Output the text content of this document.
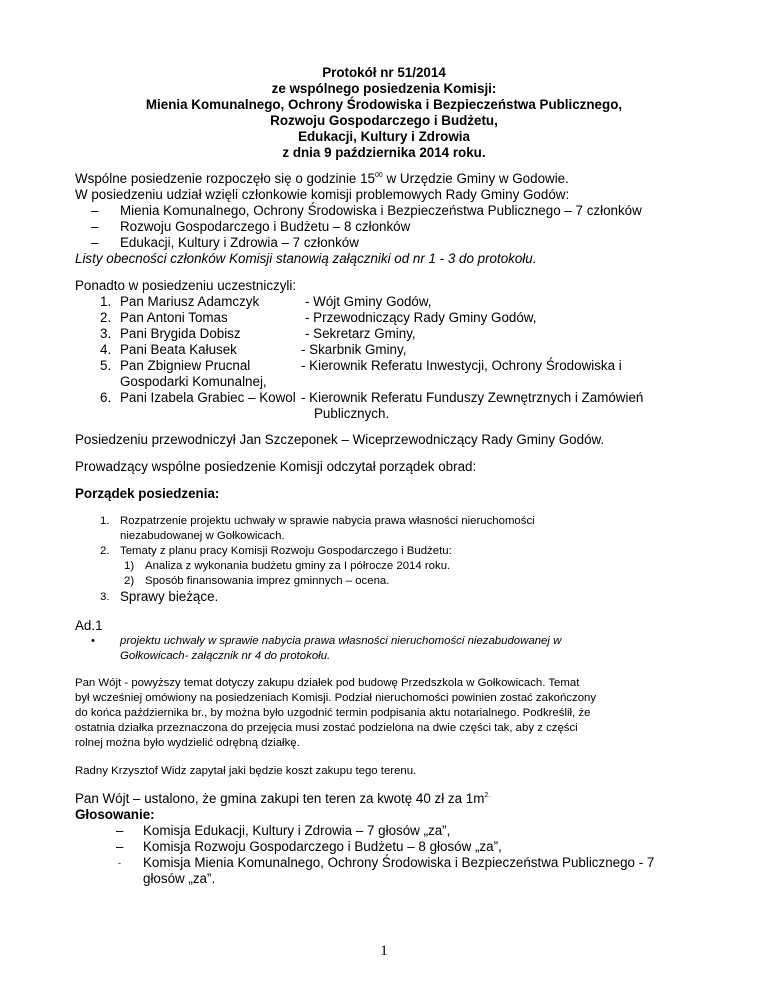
Protokół nr 51/2014
ze wspólnego posiedzenia Komisji:
Mienia Komunalnego, Ochrony Środowiska i Bezpieczeństwa Publicznego,
Rozwoju Gospodarczego i Budżetu,
Edukacji, Kultury i Zdrowia
z dnia 9 października 2014 roku.
Wspólne posiedzenie rozpoczęło się o godzinie $15^{00}$ w Urzędzie Gminy w Godowie.
W posiedzeniu udział wzięli członkowie komisji problemowych Rady Gminy Godów:
– Mienia Komunalnego, Ochrony Środowiska i Bezpieczeństwa Publicznego – 7 członków
– Rozwoju Gospodarczego i Budżetu – 8 członków
– Edukacji, Kultury i Zdrowia – 7 członków
Listy obecności członków Komisji stanowią załączniki od nr 1 - 3 do protokołu.
Ponadto w posiedzeniu uczestniczyli:
1. Pan Mariusz Adamczyk	- Wójt Gminy Godów,
2. Pan Antoni Tomas	- Przewodniczący Rady Gminy Godów,
3. Pani Brygida Dobisz	- Sekretarz Gminy,
4. Pani Beata Kałusek	- Skarbnik Gminy,
5. Pan Zbigniew Prucnal	- Kierownik Referatu Inwestycji, Ochrony Środowiska i
Gospodarki Komunalnej,
6. Pani Izabela Grabiec – Kowol - Kierownik Referatu Funduszy Zewnętrznych i Zamówień
Publicznych.
Posiedzeniu przewodniczył Jan Szczeponek – Wiceprzewodniczący Rady Gminy Godów.
Prowadzący wspólne posiedzenie Komisji odczytał porządek obrad:
Porządek posiedzenia:
1. Rozpatrzenie projektu uchwały w sprawie nabycia prawa własności nieruchomości
niezabudowanej w Gołkowicach.
2. Tematy z planu pracy Komisji Rozwoju Gospodarczego i Budżetu:
1) Analiza z wykonania budżetu gminy za I półrocze 2014 roku.
2) Sposób finansowania imprez gminnych – ocena.
3. Sprawy bieżące.
Ad.1
• projektu uchwały w sprawie nabycia prawa własności nieruchomości niezabudowanej w
Gołkowicach- załącznik nr 4 do protokołu.
Pan Wójt - powyższy temat dotyczy zakupu działek pod budowę Przedszkola w Gołkowicach. Temat
był wcześniej omówiony na posiedzeniach Komisji. Podział nieruchomości powinien zostać zakończony
do końca października br., by można było uzgodnić termin podpisania aktu notarialnego. Podkreślił, że
ostatnia działka przeznaczona do przejęcia musi zostać podzielona na dwie części tak, aby z części
rolnej można było wydzielić odrębną działkę.
Radny Krzysztof Widz zapytał jaki będzie koszt zakupu tego terenu.
Pan Wójt – ustalono, że gmina zakupi ten teren za kwotę 40 zł za $1m^{2.}$
Głosowanie:
– Komisja Edukacji, Kultury i Zdrowia – 7 głosów „za”,
– Komisja Rozwoju Gospodarczego i Budżetu – 8 głosów „za”,
- Komisja Mienia Komunalnego, Ochrony Środowiska i Bezpieczeństwa Publicznego - 7
głosów „za”.
1
